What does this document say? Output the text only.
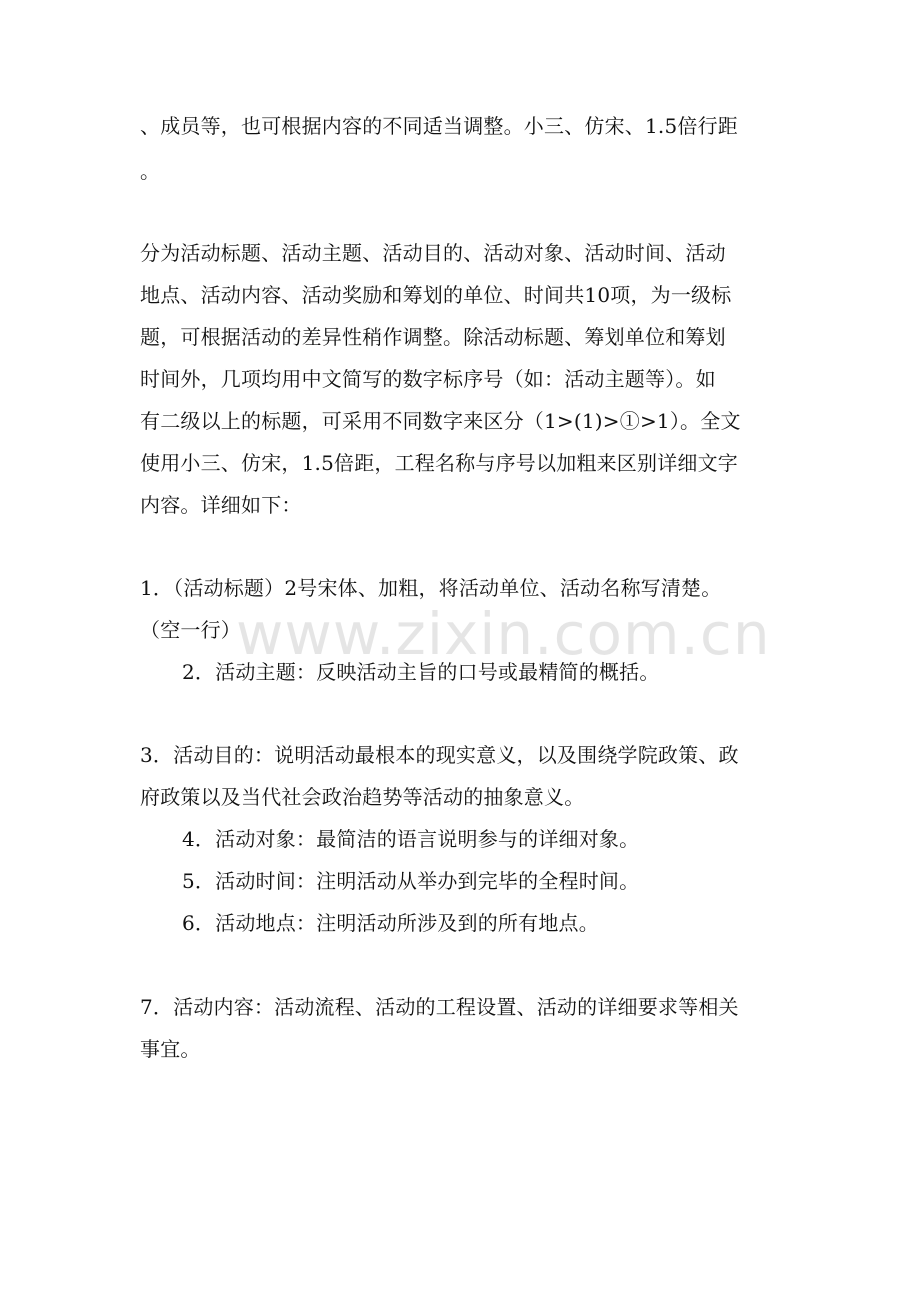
、成员等，也可根据内容的不同适当调整。小三、仿宋、1.5倍行距
。
分为活动标题、活动主题、活动目的、活动对象、活动时间、活动
地点、活动内容、活动奖励和筹划的单位、时间共10项，为一级标
题，可根据活动的差异性稍作调整。除活动标题、筹划单位和筹划
时间外，几项均用中文简写的数字标序号（如：活动主题等）。如
有二级以上的标题，可采用不同数字来区分（1>(1)>①>1）。全文
使用小三、仿宋，1.5倍距，工程名称与序号以加粗来区别详细文字
内容。详细如下：
1．（活动标题）2号宋体、加粗，将活动单位、活动名称写清楚。
（空一行）
2．活动主题：反映活动主旨的口号或最精简的概括。
3．活动目的：说明活动最根本的现实意义，以及围绕学院政策、政
府政策以及当代社会政治趋势等活动的抽象意义。
4．活动对象：最简洁的语言说明参与的详细对象。
5．活动时间：注明活动从举办到完毕的全程时间。
6．活动地点：注明活动所涉及到的所有地点。
7．活动内容：活动流程、活动的工程设置、活动的详细要求等相关
事宜。
www.zixin.com.cn
